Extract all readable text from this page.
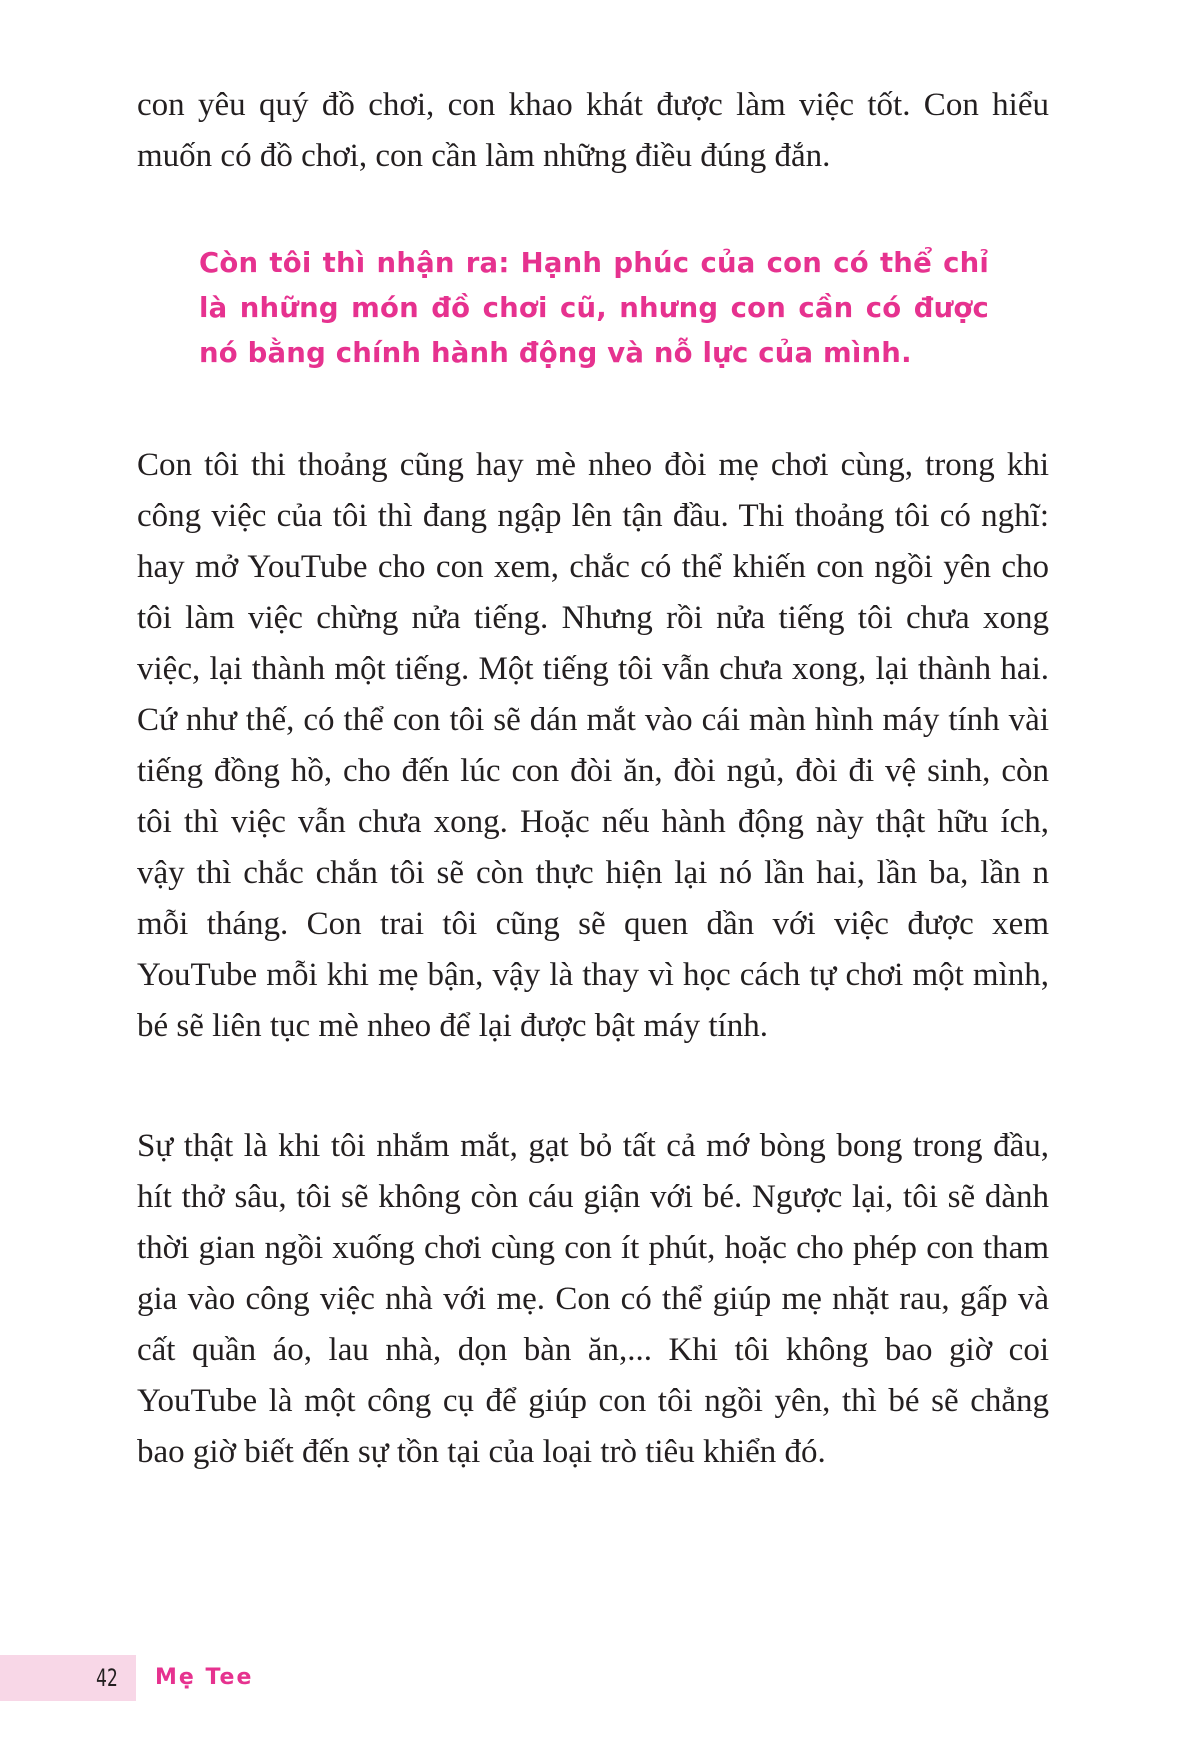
con yêu quý đồ chơi, con khao khát được làm việc tốt. Con hiểu muốn có đồ chơi, con cần làm những điều đúng đắn.

Còn tôi thì nhận ra: Hạnh phúc của con có thể chỉ là những món đồ chơi cũ, nhưng con cần có được nó bằng chính hành động và nỗ lực của mình.

Con tôi thi thoảng cũng hay mè nheo đòi mẹ chơi cùng, trong khi công việc của tôi thì đang ngập lên tận đầu. Thi thoảng tôi có nghĩ: hay mở YouTube cho con xem, chắc có thể khiến con ngồi yên cho tôi làm việc chừng nửa tiếng. Nhưng rồi nửa tiếng tôi chưa xong việc, lại thành một tiếng. Một tiếng tôi vẫn chưa xong, lại thành hai. Cứ như thế, có thể con tôi sẽ dán mắt vào cái màn hình máy tính vài tiếng đồng hồ, cho đến lúc con đòi ăn, đòi ngủ, đòi đi vệ sinh, còn tôi thì việc vẫn chưa xong. Hoặc nếu hành động này thật hữu ích, vậy thì chắc chắn tôi sẽ còn thực hiện lại nó lần hai, lần ba, lần n mỗi tháng. Con trai tôi cũng sẽ quen dần với việc được xem YouTube mỗi khi mẹ bận, vậy là thay vì học cách tự chơi một mình, bé sẽ liên tục mè nheo để lại được bật máy tính.

Sự thật là khi tôi nhắm mắt, gạt bỏ tất cả mớ bòng bong trong đầu, hít thở sâu, tôi sẽ không còn cáu giận với bé. Ngược lại, tôi sẽ dành thời gian ngồi xuống chơi cùng con ít phút, hoặc cho phép con tham gia vào công việc nhà với mẹ. Con có thể giúp mẹ nhặt rau, gấp và cất quần áo, lau nhà, dọn bàn ăn,... Khi tôi không bao giờ coi YouTube là một công cụ để giúp con tôi ngồi yên, thì bé sẽ chẳng bao giờ biết đến sự tồn tại của loại trò tiêu khiển đó.

42 Mẹ Tee
